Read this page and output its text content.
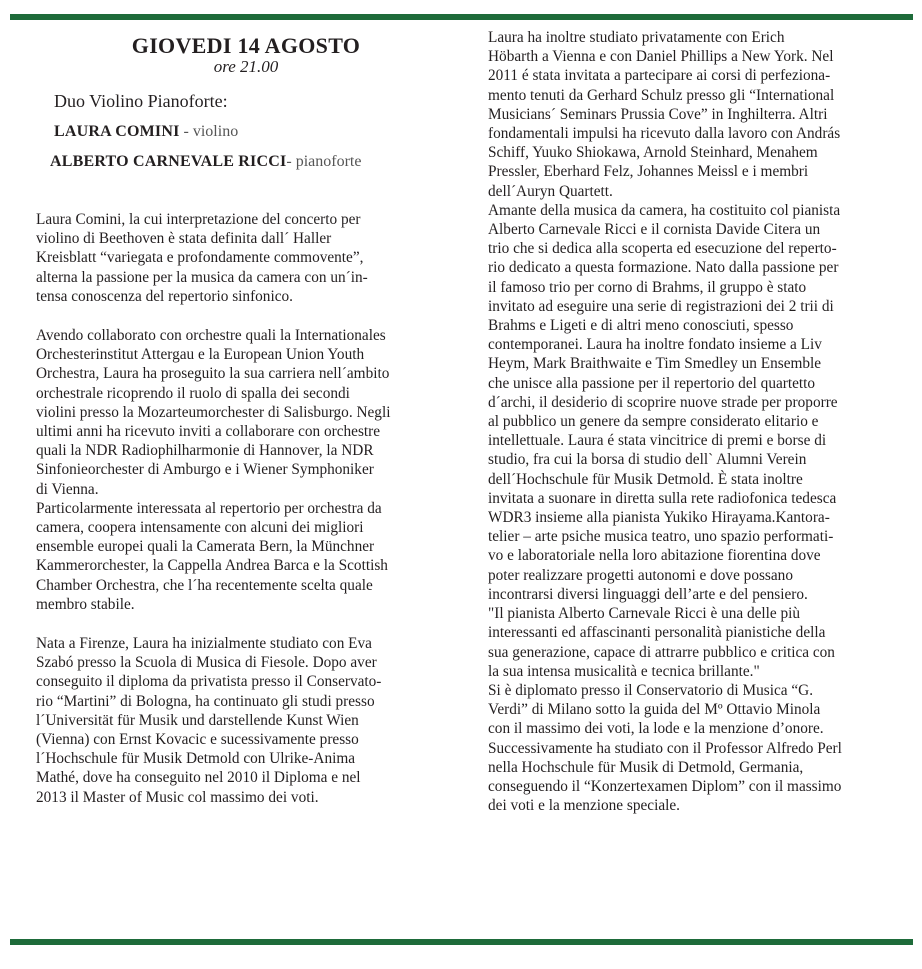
GIOVEDI 14 AGOSTO
ore 21.00
Duo Violino Pianoforte:
LAURA COMINI - violino
ALBERTO CARNEVALE RICCI- pianoforte

Laura Comini, la cui interpretazione del concerto per
violino di Beethoven è stata definita dall´ Haller
Kreisblatt “variegata e profondamente commovente”,
alterna la passione per la musica da camera con un´in-
tensa conoscenza del repertorio sinfonico.

Avendo collaborato con orchestre quali la Internationales
Orchesterinstitut Attergau e la European Union Youth
Orchestra, Laura ha proseguito la sua carriera nell´ambito
orchestrale ricoprendo il ruolo di spalla dei secondi
violini presso la Mozarteumorchester di Salisburgo. Negli
ultimi anni ha ricevuto inviti a collaborare con orchestre
quali la NDR Radiophilharmonie di Hannover, la NDR
Sinfonieorchester di Amburgo e i Wiener Symphoniker
di Vienna.

Particolarmente interessata al repertorio per orchestra da
camera, coopera intensamente con alcuni dei migliori
ensemble europei quali la Camerata Bern, la Münchner
Kammerorchester, la Cappella Andrea Barca e la Scottish
Chamber Orchestra, che l´ha recentemente scelta quale
membro stabile.

Nata a Firenze, Laura ha inizialmente studiato con Eva
Szabó presso la Scuola di Musica di Fiesole. Dopo aver
conseguito il diploma da privatista presso il Conservato-
rio “Martini” di Bologna, ha continuato gli studi presso
l´Universität für Musik und darstellende Kunst Wien
(Vienna) con Ernst Kovacic e sucessivamente presso
l´Hochschule für Musik Detmold con Ulrike-Anima
Mathé, dove ha conseguito nel 2010 il Diploma e nel
2013 il Master of Music col massimo dei voti.

Laura ha inoltre studiato privatamente con Erich
Höbarth a Vienna e con Daniel Phillips a New York. Nel
2011 é stata invitata a partecipare ai corsi di perfeziona-
mento tenuti da Gerhard Schulz presso gli “International
Musicians´ Seminars Prussia Cove” in Inghilterra. Altri
fondamentali impulsi ha ricevuto dalla lavoro con András
Schiff, Yuuko Shiokawa, Arnold Steinhard, Menahem
Pressler, Eberhard Felz, Johannes Meissl e i membri
dell´Auryn Quartett.

Amante della musica da camera, ha costituito col pianista
Alberto Carnevale Ricci e il cornista Davide Citera un
trio che si dedica alla scoperta ed esecuzione del reperto-
rio dedicato a questa formazione. Nato dalla passione per
il famoso trio per corno di Brahms, il gruppo è stato
invitato ad eseguire una serie di registrazioni dei 2 trii di
Brahms e Ligeti e di altri meno conosciuti, spesso
contemporanei. Laura ha inoltre fondato insieme a Liv
Heym, Mark Braithwaite e Tim Smedley un Ensemble
che unisce alla passione per il repertorio del quartetto
d´archi, il desiderio di scoprire nuove strade per proporre
al pubblico un genere da sempre considerato elitario e
intellettuale. Laura é stata vincitrice di premi e borse di
studio, fra cui la borsa di studio dell` Alumni Verein
dell´Hochschule für Musik Detmold. È stata inoltre
invitata a suonare in diretta sulla rete radiofonica tedesca
WDR3 insieme alla pianista Yukiko Hirayama.Kantora-
telier – arte psiche musica teatro, uno spazio performati-
vo e laboratoriale nella loro abitazione fiorentina dove
poter realizzare progetti autonomi e dove possano
incontrarsi diversi linguaggi dell’arte e del pensiero.

"Il pianista Alberto Carnevale Ricci è una delle più
interessanti ed affascinanti personalità pianistiche della
sua generazione, capace di attrarre pubblico e critica con
la sua intensa musicalità e tecnica brillante."

Si è diplomato presso il Conservatorio di Musica “G.
Verdi” di Milano sotto la guida del Mº Ottavio Minola
con il massimo dei voti, la lode e la menzione d’onore.
Successivamente ha studiato con il Professor Alfredo Perl
nella Hochschule für Musik di Detmold, Germania,
conseguendo il “Konzertexamen Diplom” con il massimo
dei voti e la menzione speciale.
